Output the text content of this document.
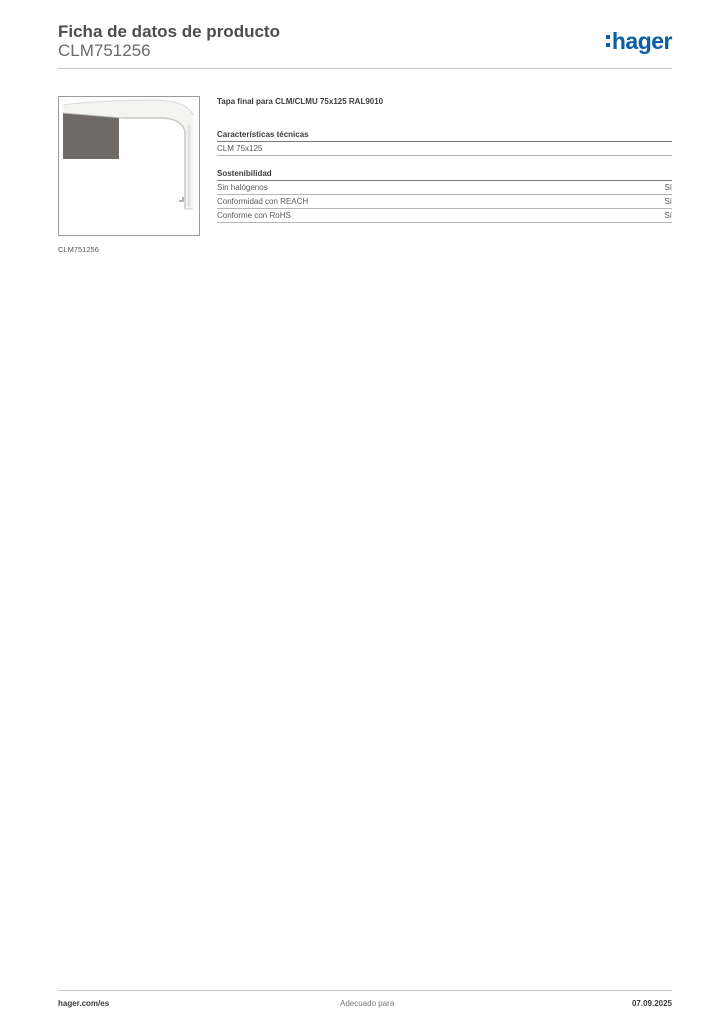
Ficha de datos de producto
CLM751256	hager
CLM751256
Tapa final para CLM/CLMU 75x125 RAL9010
Características técnicas
CLM 75x125
Sostenibilidad
Sin halógenos	Sí
Conformidad con REACH	Sí
Conforme con RoHS	Sí
hager.com/es	Adecuado para	07.09.2025
